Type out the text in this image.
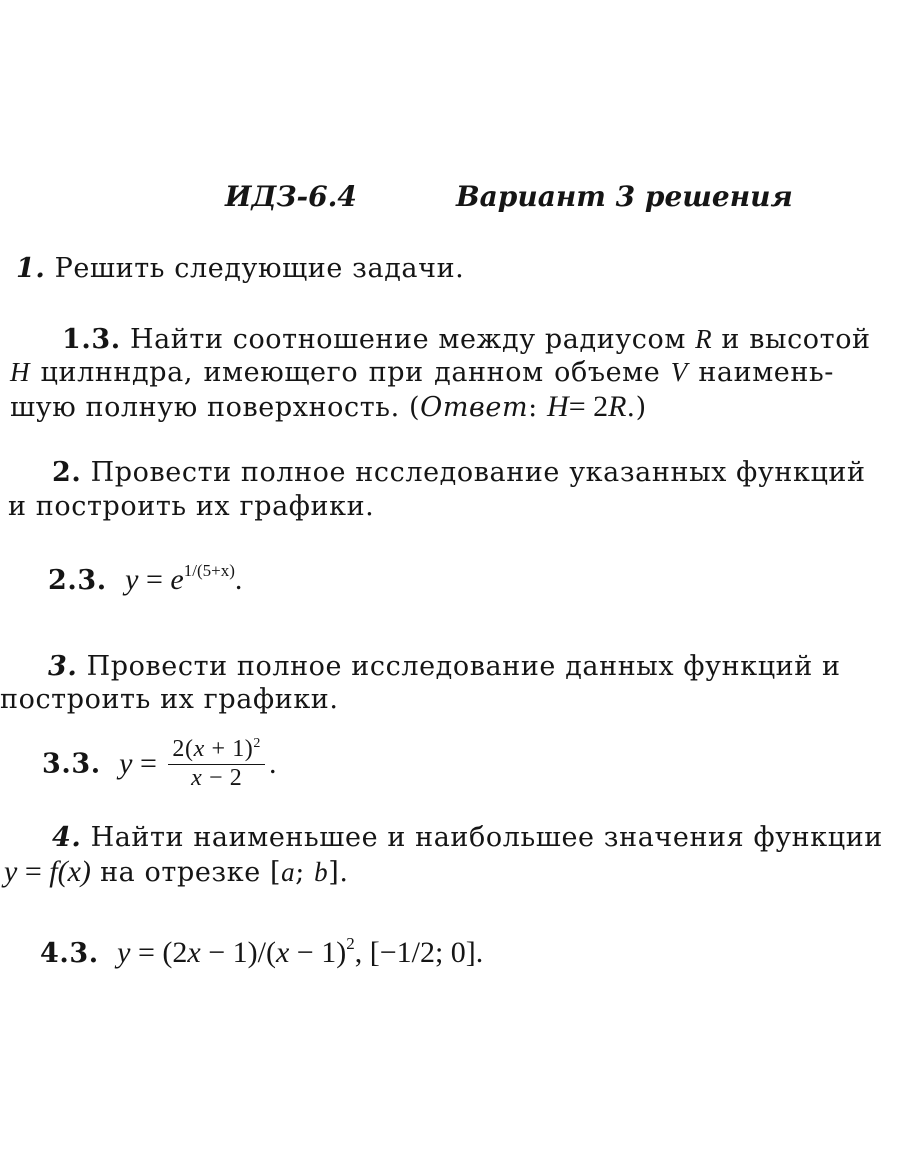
ИДЗ-6.4	Вариант 3 решения
1. Решить следующие задачи.
1.3. Найти соотношение между радиусом R и высотой
H цилнндра, имеющего при данном объеме V наимень-
шую полную поверхность. (Ответ: H= 2R.)
2. Провести полное нсследование указанных функций
и построить их графики.
2.3. $y = e^{1/(5+x)}$.
3. Провести полное исследование данных функций и
построить их графики.
3.3. $y = \frac{2(x + 1)^2}{x - 2}$ .
4. Найти наименьшее и наибольшее значения функции
y = f(x) на отрезке [a; b].
4.3. $y = (2x - 1)/(x - 1)^2$, [−1/2; 0].
